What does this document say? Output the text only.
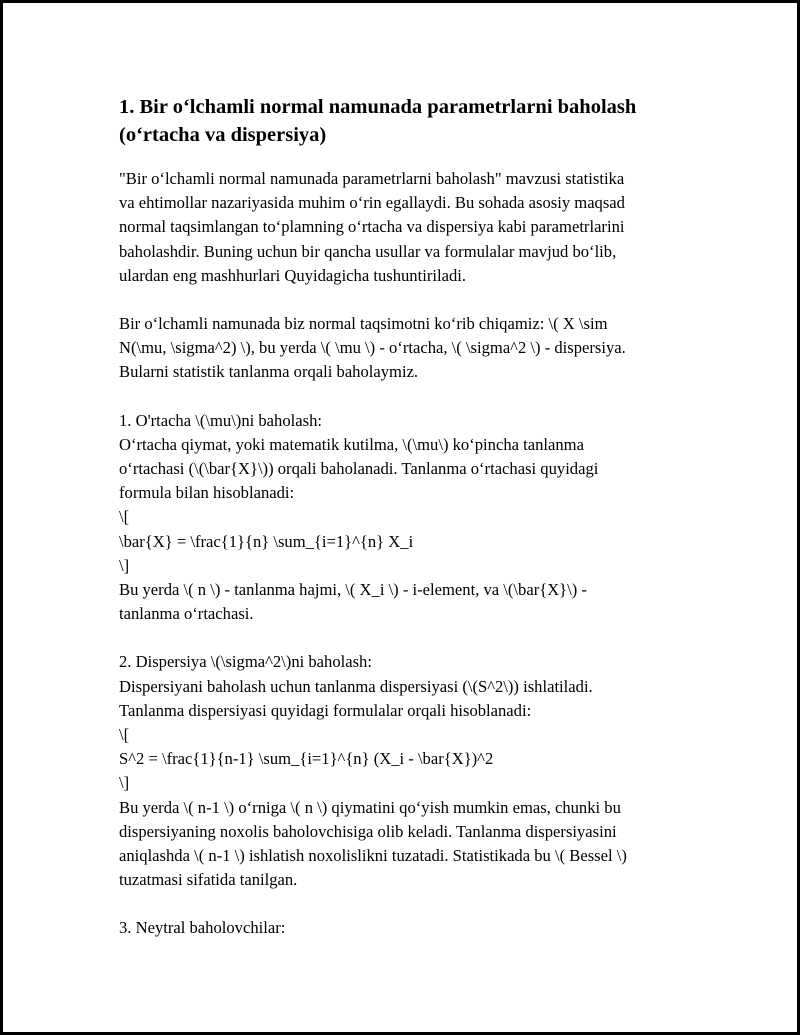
1. Bir o‘lchamli normal namunada parametrlarni baholash
(o‘rtacha va dispersiya)
"Bir o‘lchamli normal namunada parametrlarni baholash" mavzusi statistika
va ehtimollar nazariyasida muhim o‘rin egallaydi. Bu sohada asosiy maqsad
normal taqsimlangan to‘plamning o‘rtacha va dispersiya kabi parametrlarini
baholashdir. Buning uchun bir qancha usullar va formulalar mavjud bo‘lib,
ulardan eng mashhurlari Quyidagicha tushuntiriladi.
Bir o‘lchamli namunada biz normal taqsimotni ko‘rib chiqamiz: \( X \sim
N(\mu, \sigma^2) \), bu yerda \( \mu \) - o‘rtacha, \( \sigma^2 \) - dispersiya.
Bularni statistik tanlanma orqali baholaymiz.
1. O'rtacha \(\mu\)ni baholash:
O‘rtacha qiymat, yoki matematik kutilma, \(\mu\) ko‘pincha tanlanma
o‘rtachasi (\(\bar{X}\)) orqali baholanadi. Tanlanma o‘rtachasi quyidagi
formula bilan hisoblanadi:
\[
\bar{X} = \frac{1}{n} \sum_{i=1}^{n} X_i
\]
Bu yerda \( n \) - tanlanma hajmi, \( X_i \) - i-element, va \(\bar{X}\) -
tanlanma o‘rtachasi.
2. Dispersiya \(\sigma^2\)ni baholash:
Dispersiyani baholash uchun tanlanma dispersiyasi (\(S^2\)) ishlatiladi.
Tanlanma dispersiyasi quyidagi formulalar orqali hisoblanadi:
\[
S^2 = \frac{1}{n-1} \sum_{i=1}^{n} (X_i - \bar{X})^2
\]
Bu yerda \( n-1 \) o‘rniga \( n \) qiymatini qo‘yish mumkin emas, chunki bu
dispersiyaning noxolis baholovchisiga olib keladi. Tanlanma dispersiyasini
aniqlashda \( n-1 \) ishlatish noxolislikni tuzatadi. Statistikada bu \( Bessel \)
tuzatmasi sifatida tanilgan.
3. Neytral baholovchilar:
